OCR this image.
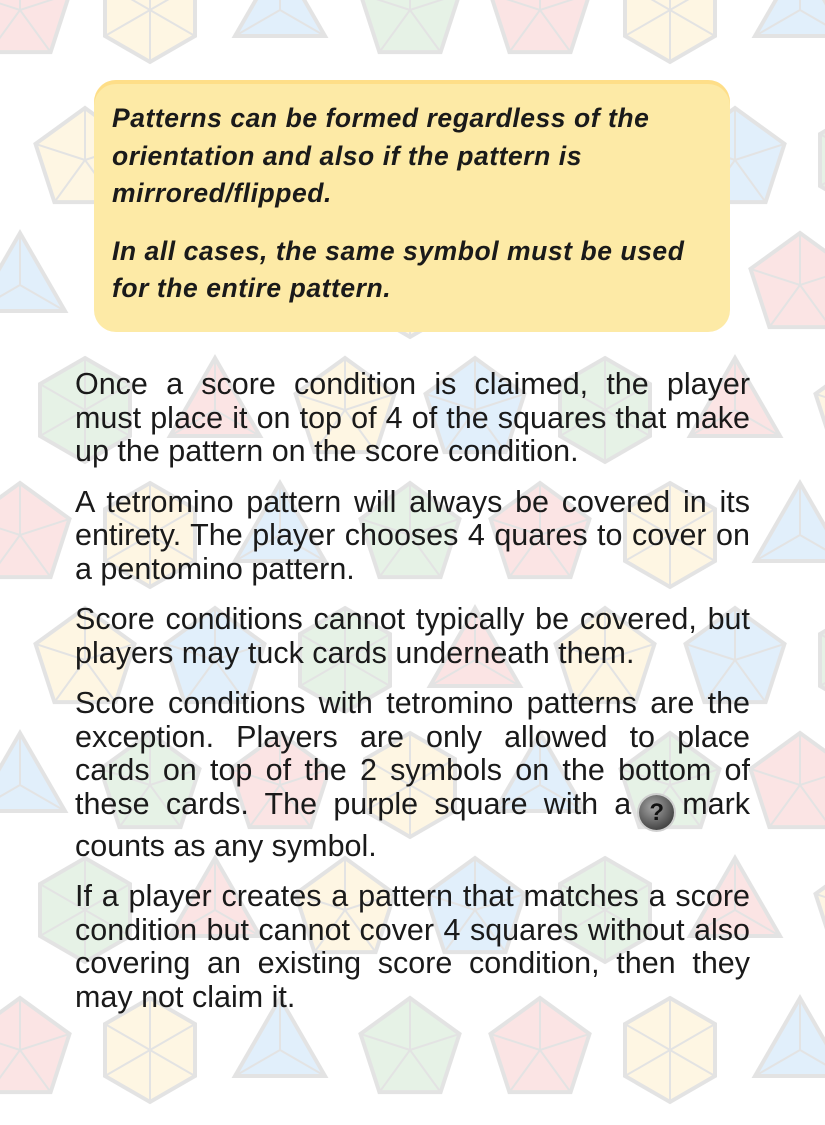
Patterns can be formed regardless of the orientation and also if the pattern is mirrored/flipped.

In all cases, the same symbol must be used for the entire pattern.

Once a score condition is claimed, the player must place it on top of 4 of the squares that make up the pattern on the score condition.

A tetromino pattern will always be covered in its entirety. The player chooses 4 quares to cover on a pentomino pattern.

Score conditions cannot typically be covered, but players may tuck cards underneath them.

Score conditions with tetromino patterns are the exception. Players are only allowed to place cards on top of the 2 symbols on the bottom of these cards. The purple square with a ? mark counts as any symbol.

If a player creates a pattern that matches a score condition but cannot cover 4 squares without also covering an existing score condition, then they may not claim it.
